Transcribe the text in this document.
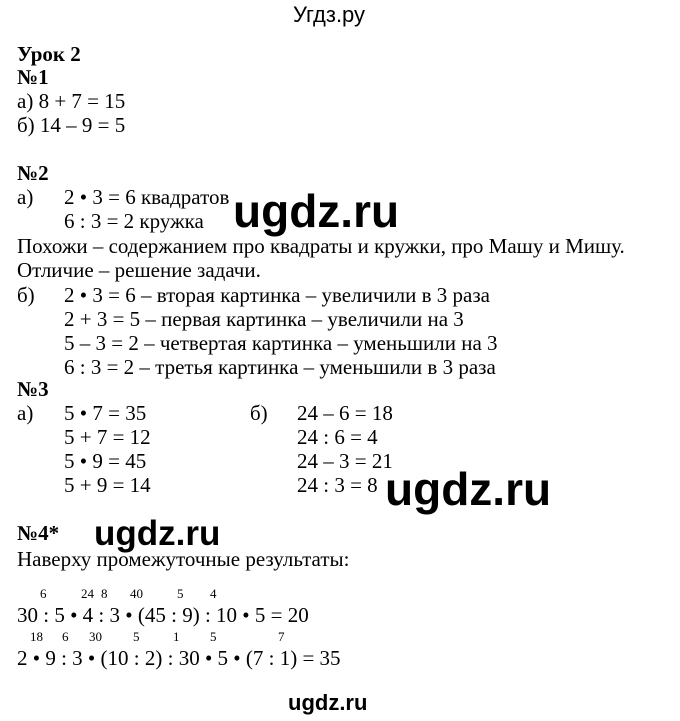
Угдз.ру
Урок 2
№1
а) 8 + 7 = 15
б) 14 – 9 = 5
№2
а) 2 • 3 = 6 квадратов
6 : 3 = 2 кружка
Похожи – содержанием про квадраты и кружки, про Машу и Мишу.
Отличие – решение задачи.
б) 2 • 3 = 6 – вторая картинка – увеличили в 3 раза
2 + 3 = 5 – первая картинка – увеличили на 3
5 – 3 = 2 – четвертая картинка – уменьшили на 3
6 : 3 = 2 – третья картинка – уменьшили в 3 раза
№3
а) 5 • 7 = 35
5 + 7 = 12
5 • 9 = 45
5 + 9 = 14
б) 24 – 6 = 18
24 : 6 = 4
24 – 3 = 21
24 : 3 = 8
№4*
Наверху промежуточные результаты:
6	24 8 40	5 4
30 : 5 • 4 : 3 • (45 : 9) : 10 • 5 = 20
18 6 30 5	1 5	7
2 • 9 : 3 • (10 : 2) : 30 • 5 • (7 : 1) = 35
ugdz.ru
ugdz.ru
ugdz.ru
ugdz.ru
